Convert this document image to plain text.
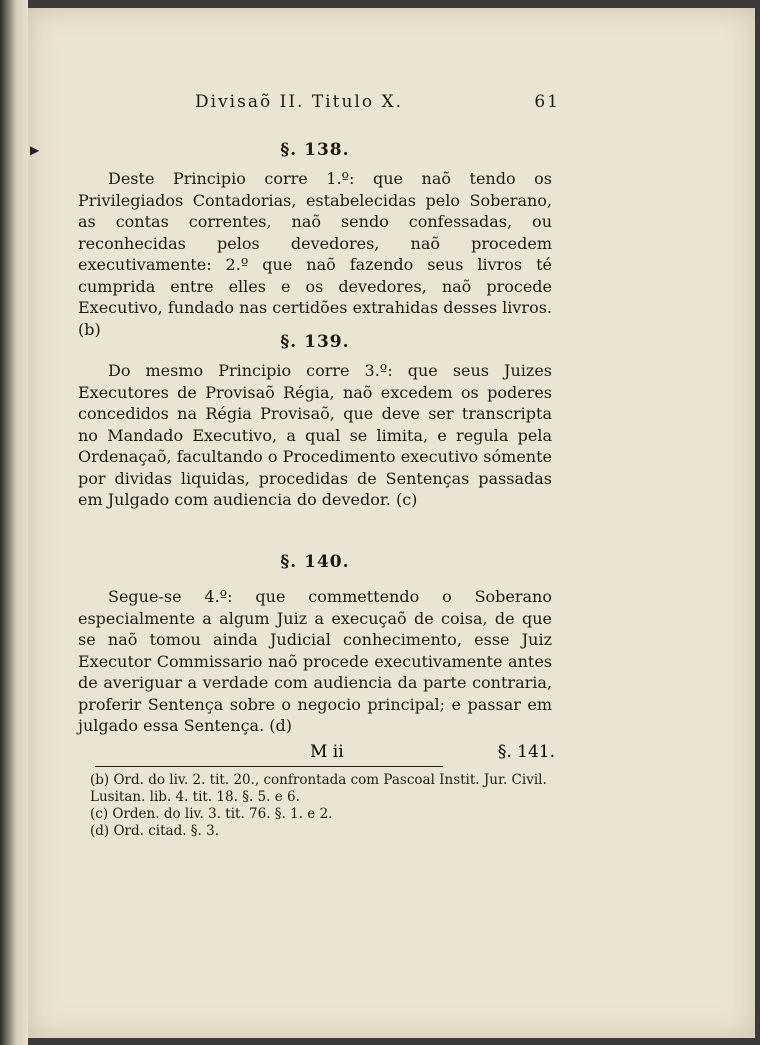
▶
Divisaõ II. Titulo X.	61
§. 138.

Deste Principio corre 1.º: que naõ tendo os Privilegiados Contadorias, estabelecidas pelo Soberano, as contas correntes, naõ sendo confessadas, ou reconhecidas pelos devedores, naõ procedem executivamente: 2.º que naõ fazendo seus livros té cumprida entre elles e os devedores, naõ procede Executivo, fundado nas certidões extrahidas desses livros. (b)

§. 139.

Do mesmo Principio corre 3.º: que seus Juizes Executores de Provisaõ Régia, naõ excedem os poderes concedidos na Régia Provisaõ, que deve ser transcripta no Mandado Executivo, a qual se limita, e regula pela Ordenaçaõ, facultando o Procedimento executivo sómente por dividas liquidas, procedidas de Sentenças passadas em Julgado com audiencia do devedor. (c)

§. 140.

Segue-se 4.º: que commettendo o Soberano especialmente a algum Juiz a execuçaõ de coisa, de que se naõ tomou ainda Judicial conhecimento, esse Juiz Executor Commissario naõ procede executivamente antes de averiguar a verdade com audiencia da parte contraria, proferir Sentença sobre o negocio principal; e passar em julgado essa Sentença. (d)

M ii	§. 141.
(b) Ord. do liv. 2. tit. 20., confrontada com Pascoal Instit. Jur. Civil. Lusitan. lib. 4. tit. 18. §. 5. e 6.
(c) Orden. do liv. 3. tit. 76. §. 1. e 2.
(d) Ord. citad. §. 3.
